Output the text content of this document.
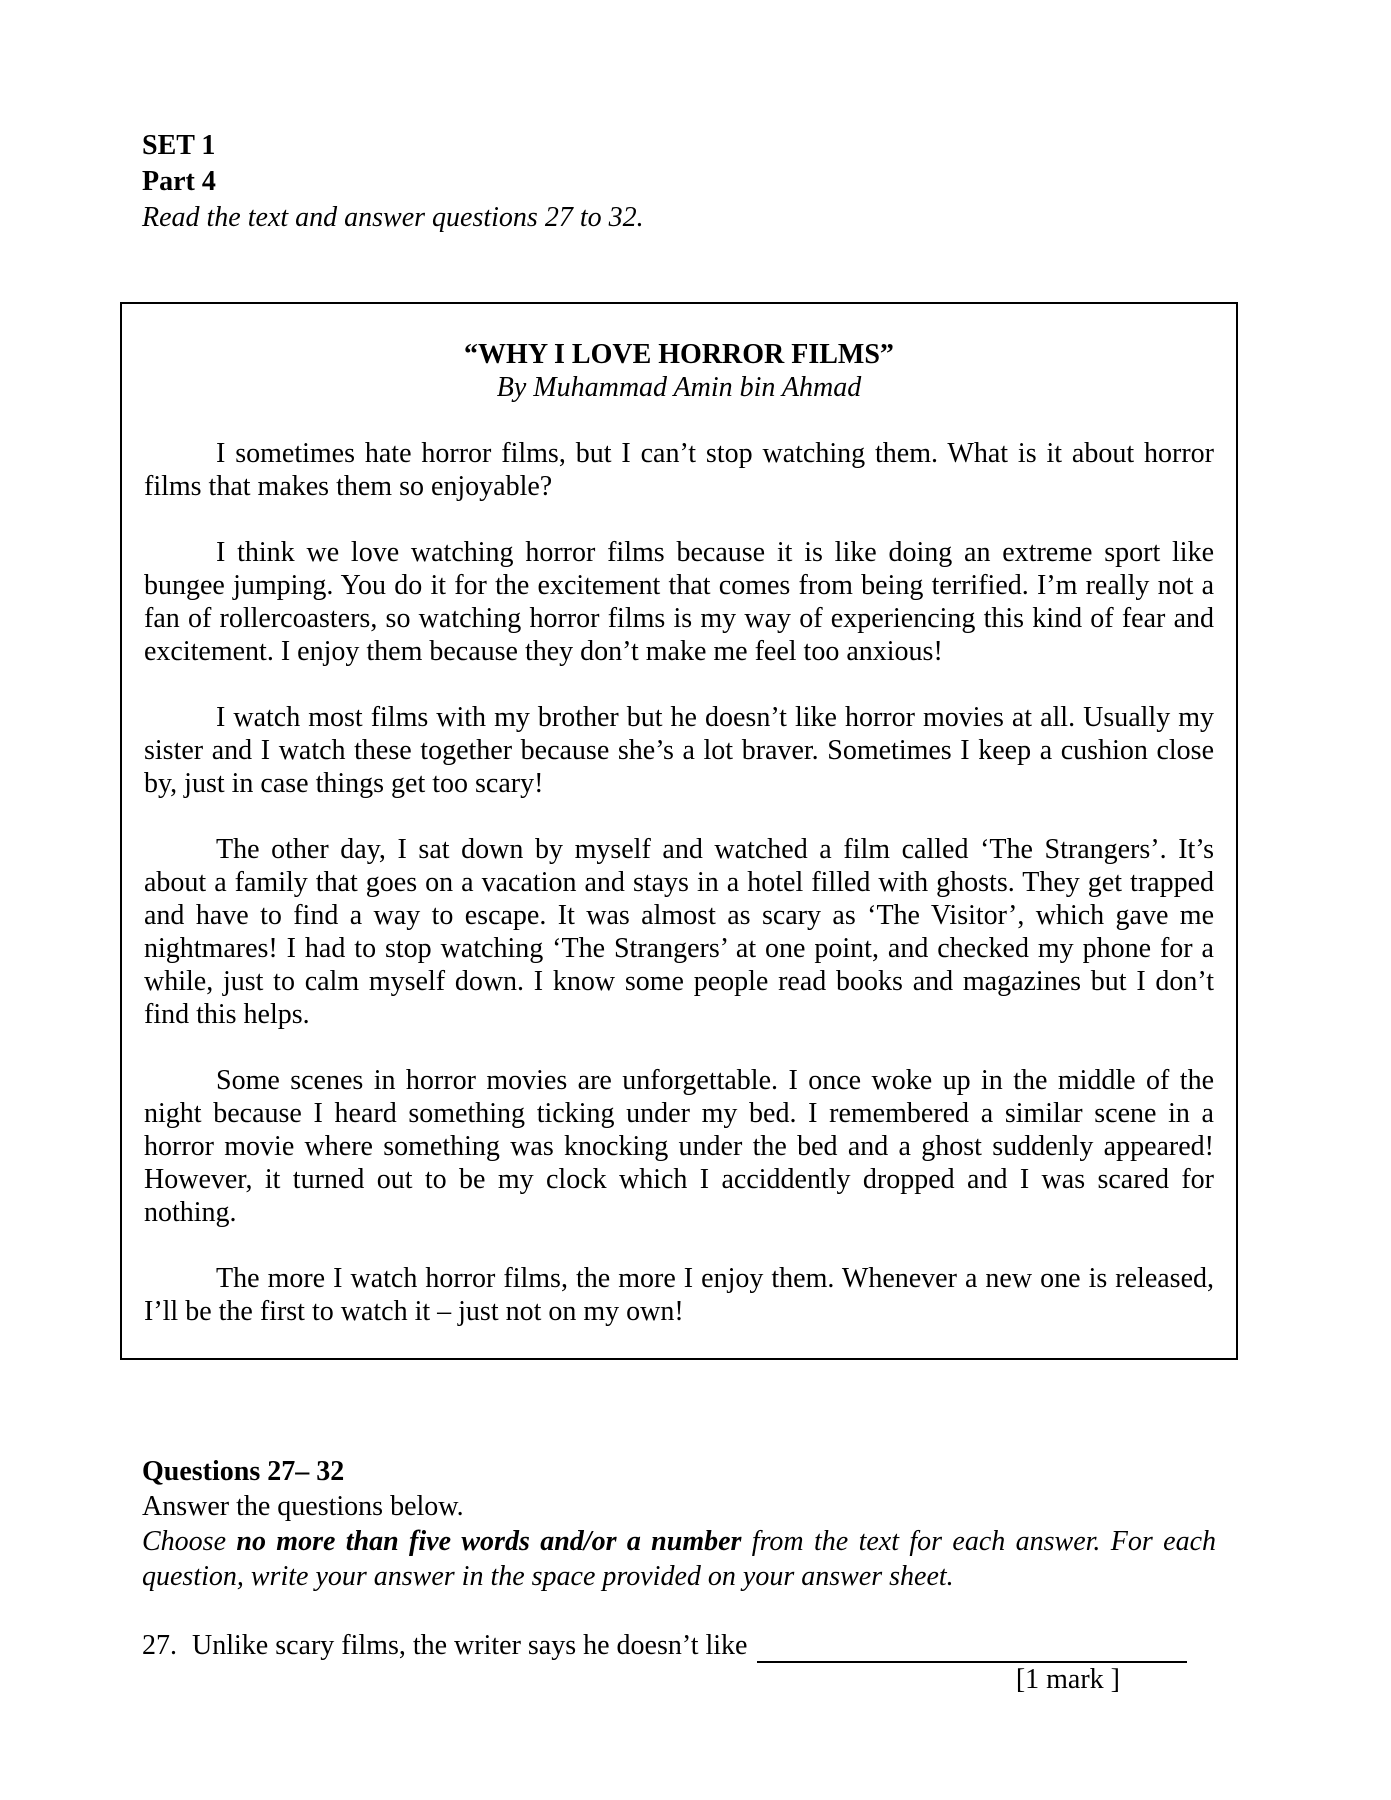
SET 1
Part 4
Read the text and answer questions 27 to 32.
“WHY I LOVE HORROR FILMS”
By Muhammad Amin bin Ahmad

I sometimes hate horror films, but I can’t stop watching them. What is it about horror films that makes them so enjoyable?

I think we love watching horror films because it is like doing an extreme sport like bungee jumping. You do it for the excitement that comes from being terrified. I’m really not a fan of rollercoasters, so watching horror films is my way of experiencing this kind of fear and excitement. I enjoy them because they don’t make me feel too anxious!

I watch most films with my brother but he doesn’t like horror movies at all. Usually my sister and I watch these together because she’s a lot braver. Sometimes I keep a cushion close by, just in case things get too scary!

The other day, I sat down by myself and watched a film called ‘The Strangers’. It’s about a family that goes on a vacation and stays in a hotel filled with ghosts. They get trapped and have to find a way to escape. It was almost as scary as ‘The Visitor’, which gave me nightmares! I had to stop watching ‘The Strangers’ at one point, and checked my phone for a while, just to calm myself down. I know some people read books and magazines but I don’t find this helps.

Some scenes in horror movies are unforgettable. I once woke up in the middle of the night because I heard something ticking under my bed. I remembered a similar scene in a horror movie where something was knocking under the bed and a ghost suddenly appeared! However, it turned out to be my clock which I acciddently dropped and I was scared for nothing.

The more I watch horror films, the more I enjoy them. Whenever a new one is released, I’ll be the first to watch it – just not on my own!

Questions 27– 32
Answer the questions below.
Choose no more than five words and/or a number from the text for each answer. For each question, write your answer in the space provided on your answer sheet.
27. Unlike scary films, the writer says he doesn’t like
[1 mark ]
